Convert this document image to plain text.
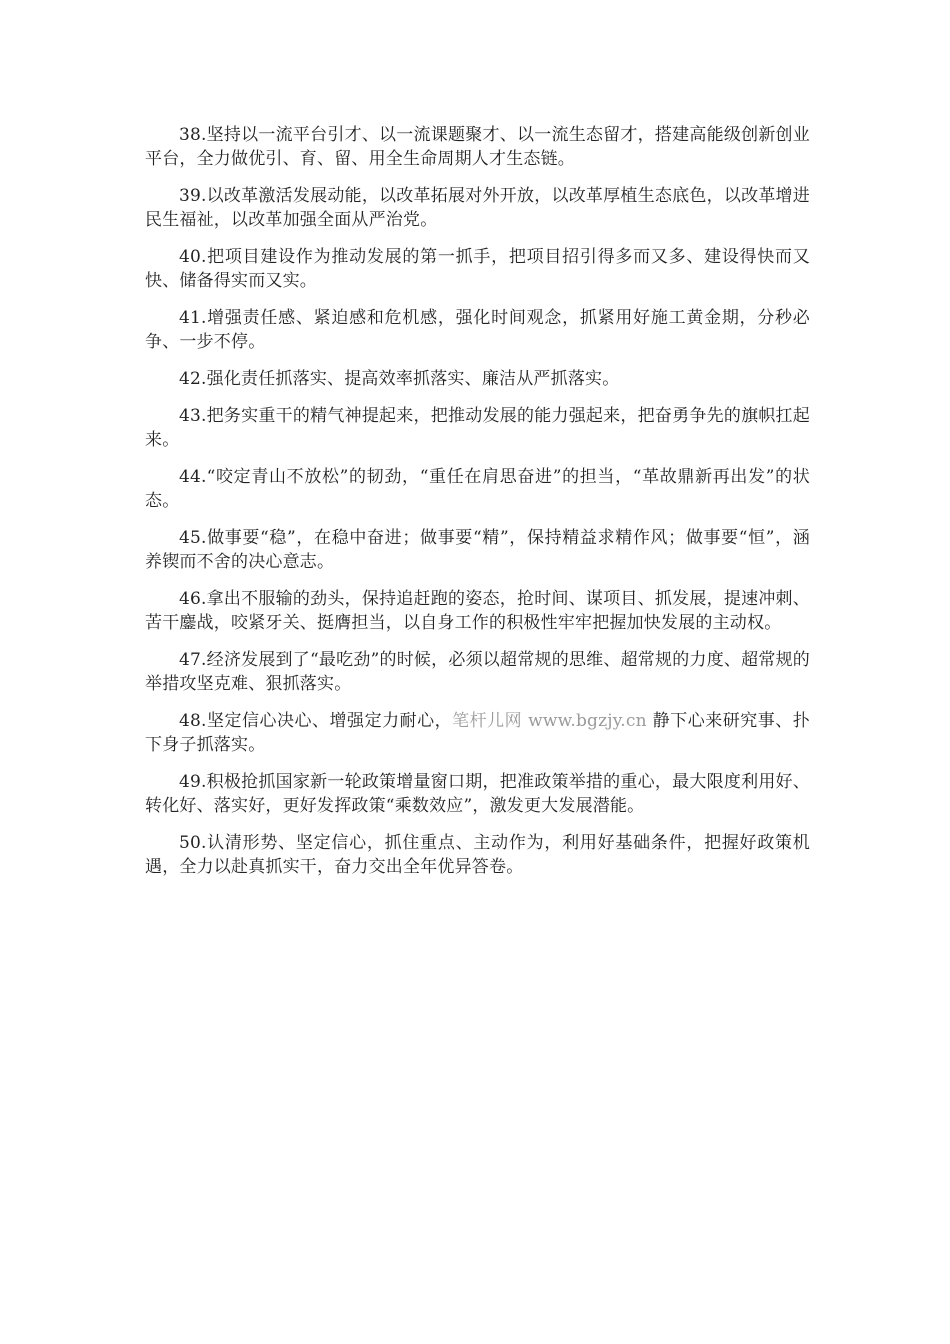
38.坚持以一流平台引才、以一流课题聚才、以一流生态留才，搭建高能级创新创业平台，全力做优引、育、留、用全生命周期人才生态链。

39.以改革激活发展动能，以改革拓展对外开放，以改革厚植生态底色，以改革增进民生福祉，以改革加强全面从严治党。

40.把项目建设作为推动发展的第一抓手，把项目招引得多而又多、建设得快而又快、储备得实而又实。

41.增强责任感、紧迫感和危机感，强化时间观念，抓紧用好施工黄金期，分秒必争、一步不停。

42.强化责任抓落实、提高效率抓落实、廉洁从严抓落实。

43.把务实重干的精气神提起来，把推动发展的能力强起来，把奋勇争先的旗帜扛起来。

44.“咬定青山不放松”的韧劲，“重任在肩思奋进”的担当，“革故鼎新再出发”的状态。

45.做事要“稳”，在稳中奋进；做事要“精”，保持精益求精作风；做事要“恒”，涵养锲而不舍的决心意志。

46.拿出不服输的劲头，保持追赶跑的姿态，抢时间、谋项目、抓发展，提速冲刺、苦干鏖战，咬紧牙关、挺膺担当，以自身工作的积极性牢牢把握加快发展的主动权。

47.经济发展到了“最吃劲”的时候，必须以超常规的思维、超常规的力度、超常规的举措攻坚克难、狠抓落实。

48.坚定信心决心、增强定力耐心，笔杆儿网 www.bgzjy.cn 静下心来研究事、扑下身子抓落实。

49.积极抢抓国家新一轮政策增量窗口期，把准政策举措的重心，最大限度利用好、转化好、落实好，更好发挥政策“乘数效应”，激发更大发展潜能。

50.认清形势、坚定信心，抓住重点、主动作为，利用好基础条件，把握好政策机遇，全力以赴真抓实干，奋力交出全年优异答卷。
